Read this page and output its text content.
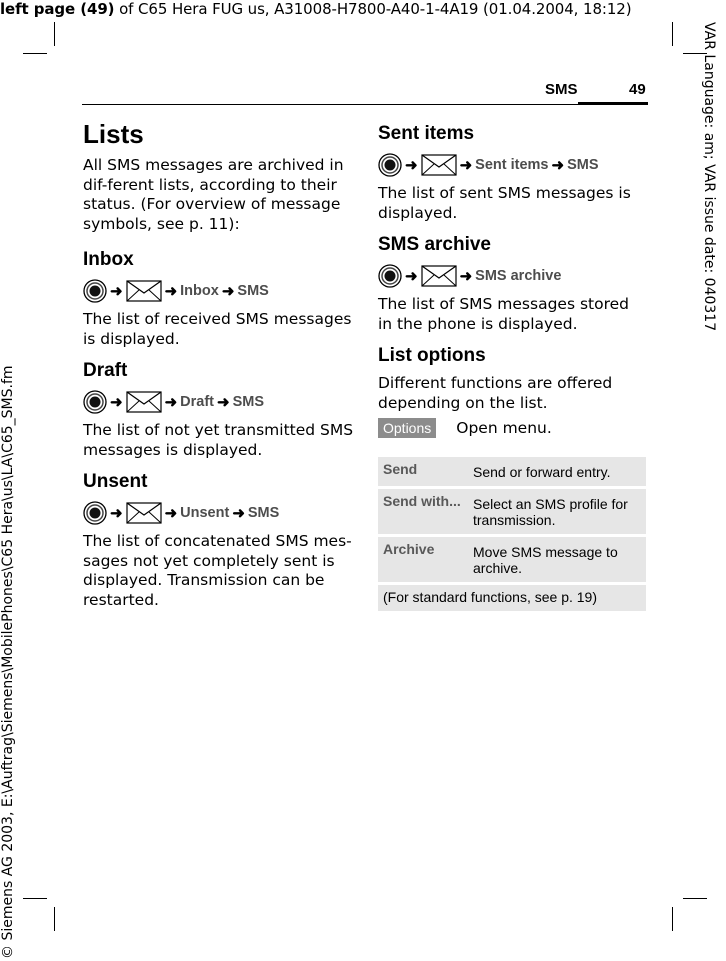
left page (49) of C65 Hera FUG us, A31008-H7800-A40-1-4A19 (01.04.2004, 18:12)
VAR Language: am; VAR issue date: 040317
© Siemens AG 2003, E:\Auftrag\Siemens\MobilePhones\C65 Hera\us\LA\C65_SMS.fm
SMS	49
Lists

All SMS messages are archived in dif-ferent lists, according to their status. (For overview of message symbols, see p. 11):

Inbox
➜	➜ Inbox ➜ SMS

The list of received SMS messages is displayed.

Draft
➜	➜ Draft ➜ SMS

The list of not yet transmitted SMS messages is displayed.

Unsent
➜	➜ Unsent ➜ SMS

The list of concatenated SMS mes-sages not yet completely sent is displayed. Transmission can be restarted.

Sent items
➜	➜ Sent items ➜ SMS

The list of sent SMS messages is displayed.

SMS archive
➜	➜ SMS archive

The list of SMS messages stored in the phone is displayed.

List options

Different functions are offered depending on the list.

Options	Open menu.
Send	Send or forward entry.
Send with...	Select an SMS profile for transmission.
Archive	Move SMS message to archive.
(For standard functions, see p. 19)	
